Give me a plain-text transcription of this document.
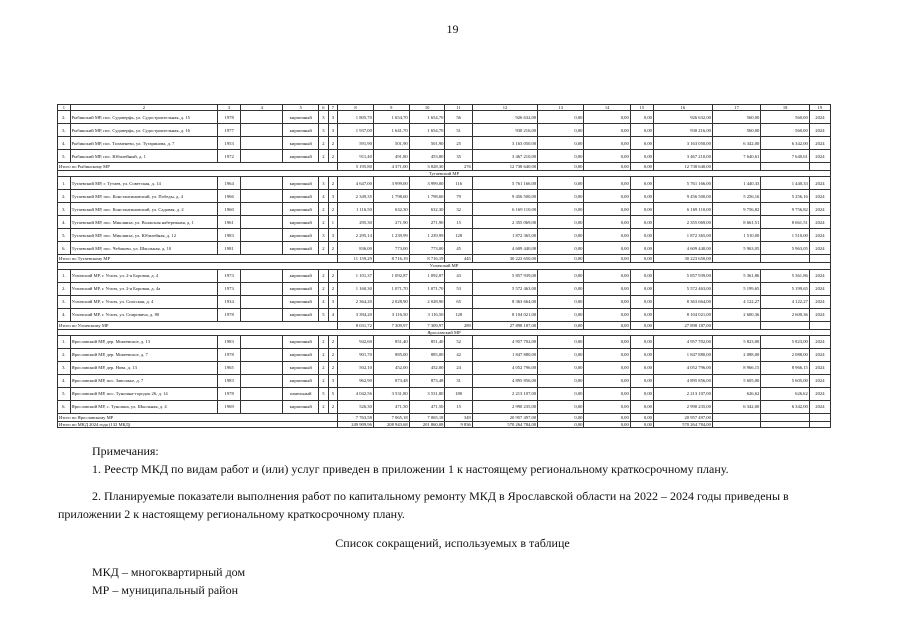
19
1	2	3	4	5	6	7	8	9	10	11	12	13	14	15	16	17	18	19
2.	Рыбинский МР, пос. Судоверфь, ул. Судостроительная, д. 15	1978		кирпичный	3	3	1 805,70	1 654,70	1 654,70	56	926 632,00	0,00	0,00	0,00	926 632,00	560,00	560,00	2024
3.	Рыбинский МР, пос. Судоверфь, ул. Судостроительная, д. 16	1977		кирпичный	3	3	1 937,00	1 641,70	1 654,70	51	930 216,00	0,00	0,00	0,00	930 216,00	560,00	560,00	2024
4.	Рыбинский МР, пос. Тихменево, ул. Тугаринова, д. 7	1953		кирпичный	2	2	591,90	501,90	501,90	25	3 163 050,00	0,00	0,00	0,00	3 163 050,00	6 342,00	6 342,00	2024
5.	Рыбинский МР, пос. Юбилейный, д. 1	1972		кирпичный	2	2	911,40	491,80	453,80	35	3 467 210,00	0,00	0,00	0,00	3 467 210,00	7 640,61	7 640,61	2024
Итого по Рыбинскому МР							5 195,80	4 371,00	3 828,30	276	12 738 640,00	0,00	0,00	0,00	12 738 640,00			
Тутаевский МР																		
1.	Тутаевский МР, г. Тутаев, ул. Советская, д. 14	1964		кирпичный	3	2	4 647,00	3 999,00	3 999,00	116	5 761 166,00	0,00	0,00	0,00	5 761 166,00	1 440,33	1 440,33	2024
2.	Тутаевский МР, пос. Константиновский, ул. Победы, д. 4	1966		кирпичный	4	3	2 349,35	1 798,60	1 798,60	79	9 456 500,00	0,00	0,00	0,00	9 456 500,00	5 256,16	5 256,16	2024
3.	Тутаевский МР, пос. Константиновский, ул. Садовая, д. 2	1960		кирпичный	2	2	1 116,50	632,30	632,30	32	6 169 110,00	0,00	0,00	0,00	6 169 110,00	9 756,82	9 756,82	2024
4.	Тутаевский МР, пос. Микляиха, ул. Волжская набережная, д. 1	1961		кирпичный	2	1	295,30	271,90	271,90	15	2 355 069,00	0,00	0,00	0,00	2 355 069,00	8 661,51	8 661,51	2024
5.	Тутаевский МР, пос. Микляиха, ул. Юбилейная, д. 12	1983		кирпичный	3	3	2 295,14	1 239,99	1 239,99	128	1 872 365,00	0,00	0,00	0,00	1 872 365,00	1 510,00	1 510,00	2024
6.	Тутаевский МР, пос. Чебаково, ул. Школьная, д. 10	1981		кирпичный	2	2	836,00	773,00	773,00	45	4 609 440,00	0,00	0,00	0,00	4 609 440,00	5 963,05	5 963,05	2024
Итого по Тутаевскому МР							11 159,29	8 716,19	8 716,19	445	30 223 650,00	0,00	0,00	0,00	30 223 650,00			
Угличский МР																		
1.	Угличский МР, г. Углич, ул. 2-я Боровая, д. 4	1973		кирпичный	2	2	1 101,37	1 092,87	1 092,87	43	5 857 939,00	0,00	0,00	0,00	5 857 939,00	5 361,86	5 361,86	2024
2.	Угличский МР, г. Углич, ул. 2-я Боровая, д. 4а	1973		кирпичный	2	2	1 160,30	1 071,70	1 071,70	53	5 572 463,00	0,00	0,00	0,00	5 572 463,00	5 199,65	5 199,65	2024
3.	Угличский МР, г. Углич, ул. Спасская, д. 4	1934		кирпичный	4	3	2 364,20	2 028,90	2 028,90	65	8 363 664,00	0,00	0,00	0,00	8 363 664,00	4 122,27	4 122,27	2024
4.	Угличский МР, г. Углич, ул. Спировича, д. 80	1978		кирпичный	5	4	3 394,20	3 116,50	3 116,50	128	8 104 021,00	0,00	0,00	0,00	8 104 021,00	2 600,36	2 600,36	2024
Итого по Угличскому МР							8 031,72	7 309,97	7 309,97	289	27 898 187,00	0,00	0,00	0,00	27 898 187,00			
Ярославский МР																		
1.	Ярославский МР, дер. Мокеевское, д. 13	1983		кирпичный	2	2	942,60	851,40	851,40	52	4 957 702,00	0,00	0,00	0,00	4 957 702,00	5 823,00	5 823,00	2024
2.	Ярославский МР, дер. Мокеевское, д. 7	1978		кирпичный	2	2	901,70	885,00	885,00	42	1 847 880,00	0,00	0,00	0,00	1 847 880,00	2 088,00	2 088,00	2024
3.	Ярославский МР, дер. Нова, д. 13	1965		кирпичный	2	2	502,10	452,00	452,00	24	4 052 796,00	0,00	0,00	0,00	4 052 796,00	8 966,15	8 966,15	2024
4.	Ярославский МР, пос. Заволжье, д. 7	1983		кирпичный	2	3	962,90	873,48	873,48	31	4 895 856,00	0,00	0,00	0,00	4 895 856,00	5 605,00	5 605,00	2024
5.	Ярославский МР, пос. Туношна-городок 26, д. 14	1978		панельный	5	5	4 042,56	3 531,80	3 531,80	180	2 213 107,00	0,00	0,00	0,00	2 213 107,00	626,62	626,62	2024
6.	Ярославский МР, с. Туношна, ул. Школьная, д. 4	1969		кирпичный	2	2	526,30	471,50	471,50	15	2 990 235,00	0,00	0,00	0,00	2 990 235,00	6 342,00	6 342,00	2024
Итого по Ярославскому МР							7 763,58	7 065,18	7 065,18	349	20 957 497,00	0,00	0,00	0,00	20 957 497,00			
Итого по МКД 2024 года (132 МКД)							249 909,96	208 943,68	201 860,08	9 836	570 264 784,00	0,00	0,00	0,00	570 264 784,00			
Примечания:
1. Реестр МКД по видам работ и (или) услуг приведен в приложении 1 к настоящему региональному краткосрочному плану.
2. Планируемые показатели выполнения работ по капитальному ремонту МКД в Ярославской области на 2022 – 2024 годы приведены в приложении 2 к настоящему региональному краткосрочному плану.
Список сокращений, используемых в таблице
МКД – многоквартирный дом
МР – муниципальный район
